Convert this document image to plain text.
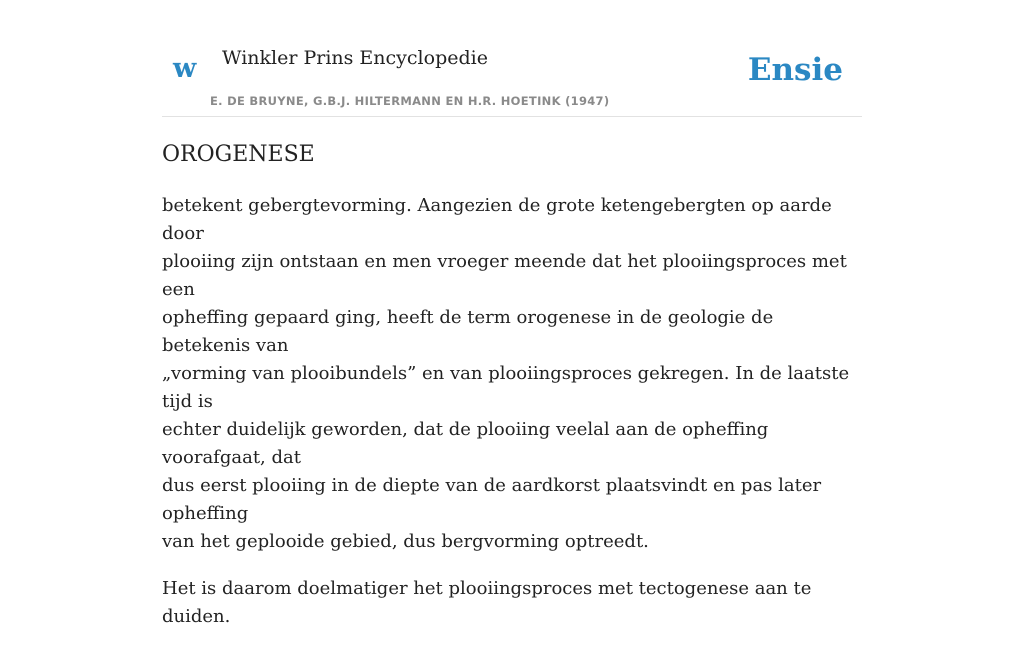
w Winkler Prins Encyclopedie
E. DE BRUYNE, G.B.J. HILTERMANN EN H.R. HOETINK (1947)
Ensie
OROGENESE

betekent gebergtevorming. Aangezien de grote ketengebergten op aarde door
plooiing zijn ontstaan en men vroeger meende dat het plooiingsproces met een
opheffing gepaard ging, heeft de term orogenese in de geologie de betekenis van
„vorming van plooibundels” en van plooiingsproces gekregen. In de laatste tijd is
echter duidelijk geworden, dat de plooiing veelal aan de opheffing voorafgaat, dat
dus eerst plooiing in de diepte van de aardkorst plaatsvindt en pas later opheffing
van het geplooide gebied, dus bergvorming optreedt.

Het is daarom doelmatiger het plooiingsproces met tectogenese aan te duiden.
